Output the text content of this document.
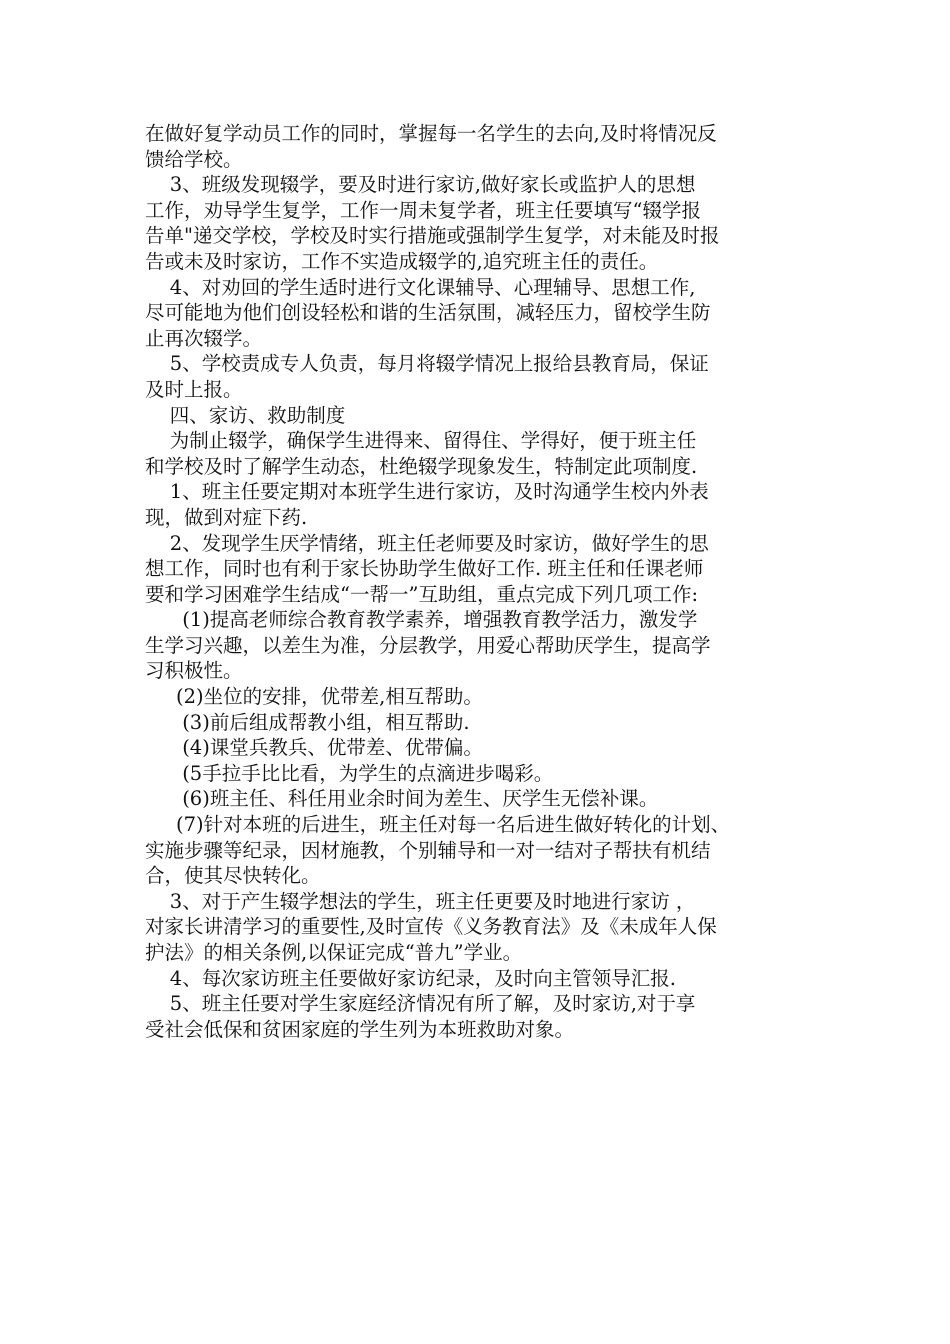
在做好复学动员工作的同时，掌握每一名学生的去向,及时将情况反
馈给学校。
3、班级发现辍学，要及时进行家访,做好家长或监护人的思想
工作，劝导学生复学，工作一周未复学者，班主任要填写“辍学报
告单"递交学校，学校及时实行措施或强制学生复学，对未能及时报
告或未及时家访，工作不实造成辍学的,追究班主任的责任。
4、对劝回的学生适时进行文化课辅导、心理辅导、思想工作,
尽可能地为他们创设轻松和谐的生活氛围，减轻压力，留校学生防
止再次辍学。
5、学校责成专人负责，每月将辍学情况上报给县教育局，保证
及时上报。
四、家访、救助制度
为制止辍学，确保学生进得来、留得住、学得好，便于班主任
和学校及时了解学生动态，杜绝辍学现象发生，特制定此项制度.
1、班主任要定期对本班学生进行家访，及时沟通学生校内外表
现，做到对症下药.
2、发现学生厌学情绪，班主任老师要及时家访，做好学生的思
想工作，同时也有利于家长协助学生做好工作. 班主任和任课老师
要和学习困难学生结成“一帮一”互助组，重点完成下列几项工作:
(1)提高老师综合教育教学素养，增强教育教学活力，激发学
生学习兴趣，以差生为准，分层教学，用爱心帮助厌学生，提高学
习积极性。
(2)坐位的安排，优带差,相互帮助。
(3)前后组成帮教小组，相互帮助.
(4)课堂兵教兵、优带差、优带偏。
(5手拉手比比看，为学生的点滴进步喝彩。
(6)班主任、科任用业余时间为差生、厌学生无偿补课。
(7)针对本班的后进生，班主任对每一名后进生做好转化的计划、
实施步骤等纪录，因材施教，个别辅导和一对一结对子帮扶有机结
合，使其尽快转化。
3、对于产生辍学想法的学生，班主任更要及时地进行家访 ，
对家长讲清学习的重要性,及时宣传《义务教育法》及《未成年人保
护法》的相关条例,以保证完成“普九”学业。
4、每次家访班主任要做好家访纪录，及时向主管领导汇报.
5、班主任要对学生家庭经济情况有所了解，及时家访,对于享
受社会低保和贫困家庭的学生列为本班救助对象。
